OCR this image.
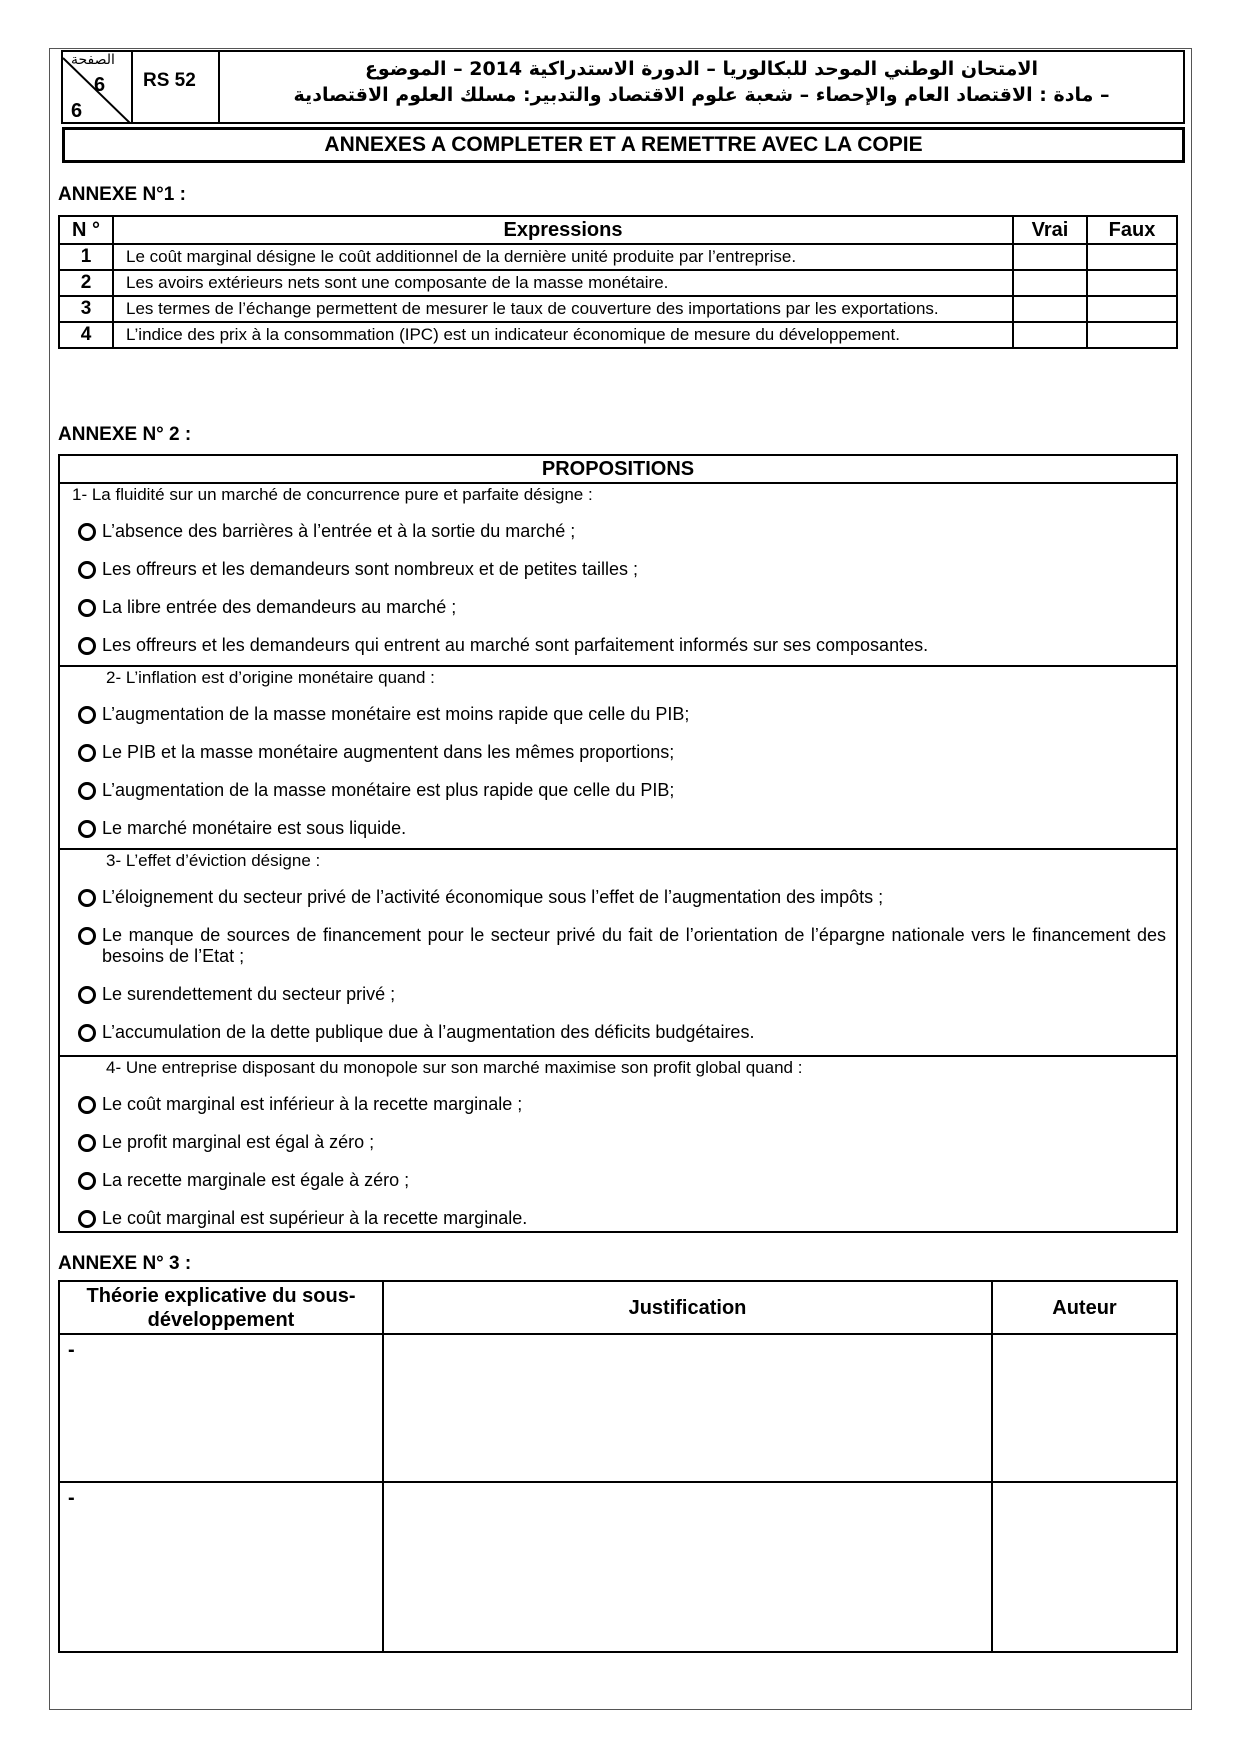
الصفحة
6
6
RS 52
الامتحان الوطني الموحد للبكالوريا – الدورة الاستدراكية 2014 – الموضوع
– مادة : الاقتصاد العام والإحصاء – شعبة علوم الاقتصاد والتدبير: مسلك العلوم الاقتصادية
ANNEXES A COMPLETER ET A REMETTRE AVEC LA COPIE
ANNEXE N°1 :
N °	Expressions	Vrai	Faux
1	Le coût marginal désigne le coût additionnel de la dernière unité produite par l’entreprise.		
2	Les avoirs extérieurs nets sont une composante de la masse monétaire.		
3	Les termes de l’échange permettent de mesurer le taux de couverture des importations par les exportations.		
4	L’indice des prix à la consommation (IPC) est un indicateur économique de mesure du développement.		
ANNEXE N° 2 :
PROPOSITIONS
1- La fluidité sur un marché de concurrence pure et parfaite désigne :
L’absence des barrières à l’entrée et à la sortie du marché ;
Les offreurs et les demandeurs sont nombreux et de petites tailles ;
La libre entrée des demandeurs au marché ;
Les offreurs et les demandeurs qui entrent au marché sont parfaitement informés sur ses composantes.
2- L’inflation est d’origine monétaire quand :
L’augmentation de la masse monétaire est moins rapide que celle du PIB;
Le PIB et la masse monétaire augmentent dans les mêmes proportions;
L’augmentation de la masse monétaire est plus rapide que celle du PIB;
Le marché monétaire est sous liquide.
3- L’effet d’éviction désigne :
L’éloignement du secteur privé de l’activité économique sous l’effet de l’augmentation des impôts ;
Le manque de sources de financement pour le secteur privé du fait de l’orientation de l’épargne nationale vers le financement des besoins de l’Etat ;
Le surendettement du secteur privé ;
L’accumulation de la dette publique due à l’augmentation des déficits budgétaires.
4- Une entreprise disposant du monopole sur son marché maximise son profit global quand :
Le coût marginal est inférieur à la recette marginale ;
Le profit marginal est égal à zéro ;
La recette marginale est égale à zéro ;
Le coût marginal est supérieur à la recette marginale.
ANNEXE N° 3 :
Théorie explicative du sous-développement	Justification	Auteur
-		
-		
